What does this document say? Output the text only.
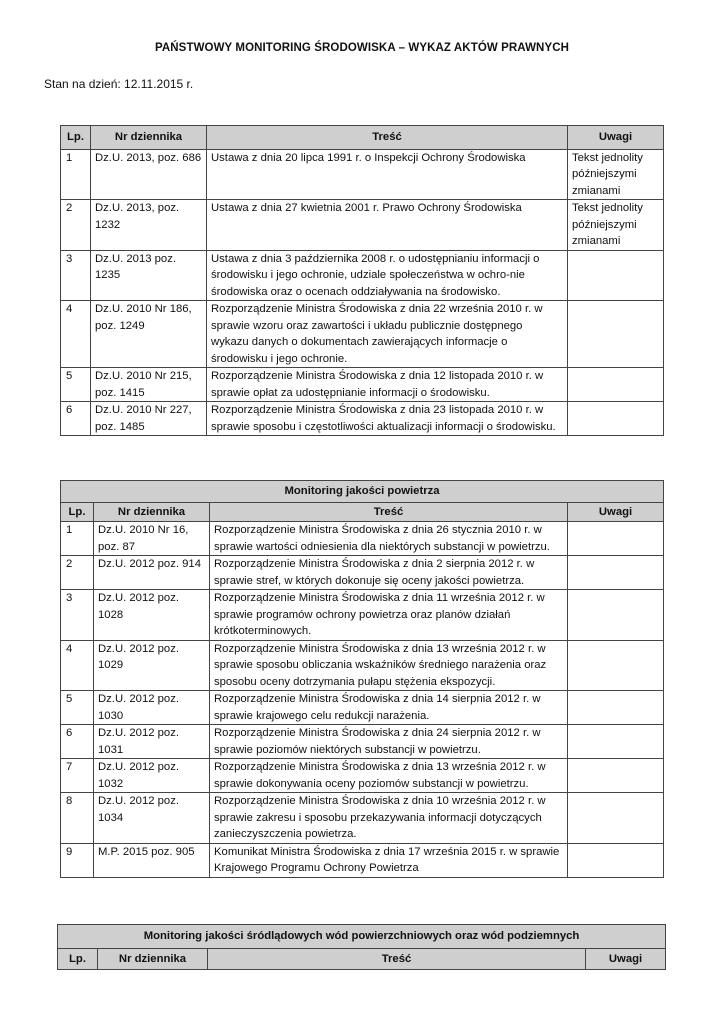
PAŃSTWOWY MONITORING ŚRODOWISKA – WYKAZ AKTÓW PRAWNYCH
Stan na dzień: 12.11.2015 r.
Lp.	Nr dziennika	Treść	Uwagi
1	Dz.U. 2013, poz. 686	Ustawa z dnia 20 lipca 1991 r. o Inspekcji Ochrony Środowiska	Tekst jednolity późniejszymi zmianami
2	Dz.U. 2013, poz. 1232	Ustawa z dnia 27 kwietnia 2001 r. Prawo Ochrony Środowiska	Tekst jednolity późniejszymi zmianami
3	Dz.U. 2013 poz. 1235	Ustawa z dnia 3 października 2008 r. o udostępnianiu informacji o środowisku i jego ochronie, udziale społeczeństwa w ochro-nie środowiska oraz o ocenach oddziaływania na środowisko.	
4	Dz.U. 2010 Nr 186, poz. 1249	Rozporządzenie Ministra Środowiska z dnia 22 września 2010 r. w sprawie wzoru oraz zawartości i układu publicznie dostępnego wykazu danych o dokumentach zawierających informacje o środowisku i jego ochronie.	
5	Dz.U. 2010 Nr 215, poz. 1415	Rozporządzenie Ministra Środowiska z dnia 12 listopada 2010 r. w sprawie opłat za udostępnianie informacji o środowisku.	
6	Dz.U. 2010 Nr 227, poz. 1485	Rozporządzenie Ministra Środowiska z dnia 23 listopada 2010 r. w sprawie sposobu i częstotliwości aktualizacji informacji o środowisku.	
Monitoring jakości powietrza			
Lp.	Nr dziennika	Treść	Uwagi
1	Dz.U. 2010 Nr 16, poz. 87	Rozporządzenie Ministra Środowiska z dnia 26 stycznia 2010 r. w sprawie wartości odniesienia dla niektórych substancji w powietrzu.	
2	Dz.U. 2012 poz. 914	Rozporządzenie Ministra Środowiska z dnia 2 sierpnia 2012 r. w sprawie stref, w których dokonuje się oceny jakości powietrza.	
3	Dz.U. 2012 poz. 1028	Rozporządzenie Ministra Środowiska z dnia 11 września 2012 r. w sprawie programów ochrony powietrza oraz planów działań krótkoterminowych.	
4	Dz.U. 2012 poz. 1029	Rozporządzenie Ministra Środowiska z dnia 13 września 2012 r. w sprawie sposobu obliczania wskaźników średniego narażenia oraz sposobu oceny dotrzymania pułapu stężenia ekspozycji.	
5	Dz.U. 2012 poz. 1030	Rozporządzenie Ministra Środowiska z dnia 14 sierpnia 2012 r. w sprawie krajowego celu redukcji narażenia.	
6	Dz.U. 2012 poz. 1031	Rozporządzenie Ministra Środowiska z dnia 24 sierpnia 2012 r. w sprawie poziomów niektórych substancji w powietrzu.	
7	Dz.U. 2012 poz. 1032	Rozporządzenie Ministra Środowiska z dnia 13 września 2012 r. w sprawie dokonywania oceny poziomów substancji w powietrzu.	
8	Dz.U. 2012 poz. 1034	Rozporządzenie Ministra Środowiska z dnia 10 września 2012 r. w sprawie zakresu i sposobu przekazywania informacji dotyczących zanieczyszczenia powietrza.	
9	M.P. 2015 poz. 905	Komunikat Ministra Środowiska z dnia 17 września 2015 r. w sprawie Krajowego Programu Ochrony Powietrza	
Monitoring jakości śródlądowych wód powierzchniowych oraz wód podziemnych
Lp.	Nr dziennika	Treść	Uwagi
